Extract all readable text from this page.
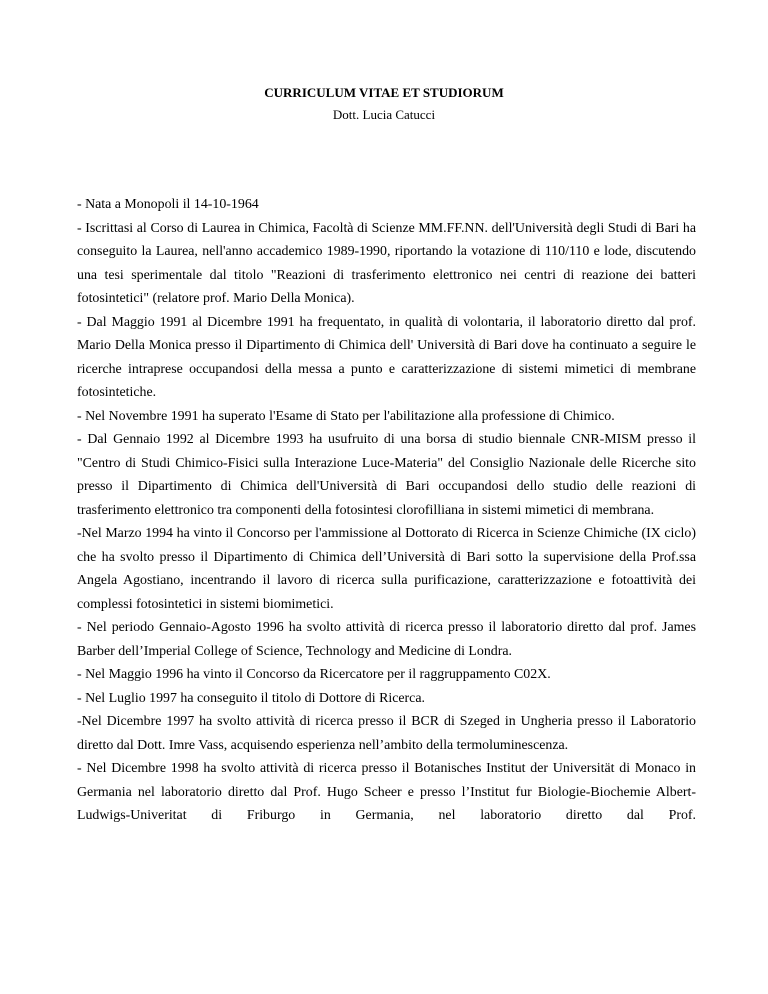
CURRICULUM VITAE ET STUDIORUM
Dott. Lucia Catucci

- Nata a Monopoli il 14-10-1964

- Iscrittasi al Corso di Laurea in Chimica, Facoltà di Scienze MM.FF.NN. dell'Università degli Studi di Bari ha conseguito la Laurea, nell'anno accademico 1989-1990, riportando la votazione di 110/110 e lode, discutendo una tesi sperimentale dal titolo "Reazioni di trasferimento elettronico nei centri di reazione dei batteri fotosintetici" (relatore prof. Mario Della Monica).

- Dal Maggio 1991 al Dicembre 1991 ha frequentato, in qualità di volontaria, il laboratorio diretto dal prof. Mario Della Monica presso il Dipartimento di Chimica dell' Università di Bari dove ha continuato a seguire le ricerche intraprese occupandosi della messa a punto e caratterizzazione di sistemi mimetici di membrane fotosintetiche.

- Nel Novembre 1991 ha superato l'Esame di Stato per l'abilitazione alla professione di Chimico.

- Dal Gennaio 1992 al Dicembre 1993 ha usufruito di una borsa di studio biennale CNR-MISM presso il "Centro di Studi Chimico-Fisici sulla Interazione Luce-Materia" del Consiglio Nazionale delle Ricerche sito presso il Dipartimento di Chimica dell'Università di Bari occupandosi dello studio delle reazioni di trasferimento elettronico tra componenti della fotosintesi clorofilliana in sistemi mimetici di membrana.

-Nel Marzo 1994 ha vinto il Concorso per l'ammissione al Dottorato di Ricerca in Scienze Chimiche (IX ciclo) che ha svolto presso il Dipartimento di Chimica dell’Università di Bari sotto la supervisione della Prof.ssa Angela Agostiano, incentrando il lavoro di ricerca sulla purificazione, caratterizzazione e fotoattività dei complessi fotosintetici in sistemi biomimetici.

- Nel periodo Gennaio-Agosto 1996 ha svolto attività di ricerca presso il laboratorio diretto dal prof. James Barber dell’Imperial College of Science, Technology and Medicine di Londra.

- Nel Maggio 1996 ha vinto il Concorso da Ricercatore per il raggruppamento C02X.

- Nel Luglio 1997 ha conseguito il titolo di Dottore di Ricerca.

-Nel Dicembre 1997 ha svolto attività di ricerca presso il BCR di Szeged in Ungheria presso il Laboratorio diretto dal Dott. Imre Vass, acquisendo esperienza nell’ambito della termoluminescenza.

- Nel Dicembre 1998 ha svolto attività di ricerca presso il Botanisches Institut der Universität di Monaco in Germania nel laboratorio diretto dal Prof. Hugo Scheer e presso l’Institut fur Biologie-Biochemie Albert-Ludwigs-Univeritat di Friburgo in Germania, nel laboratorio diretto dal Prof.
